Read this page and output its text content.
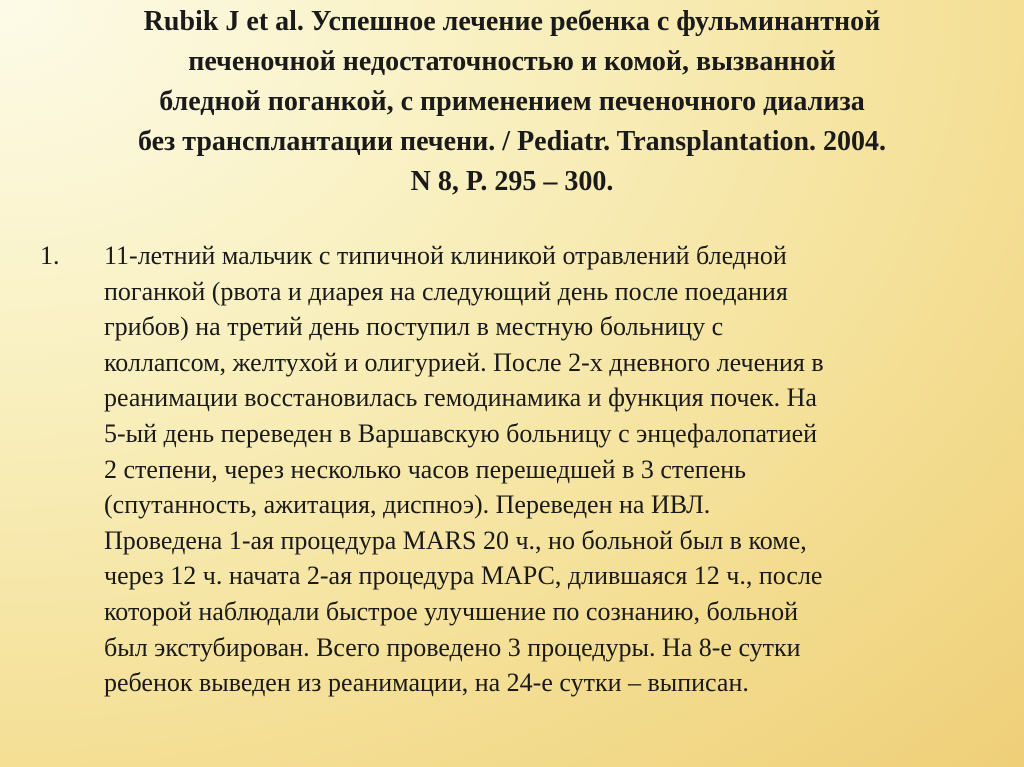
Rubik J et al. Успешное лечение ребенка с фульминантной
печеночной недостаточностью и комой, вызванной
бледной поганкой, с применением печеночного диализа
без трансплантации печени. / Pediatr. Transplantation. 2004.
N 8, P. 295 – 300.
1. 11-летний мальчик с типичной клиникой отравлений бледной
поганкой (рвота и диарея на следующий день после поедания
грибов) на третий день поступил в местную больницу с
коллапсом, желтухой и олигурией. После 2-х дневного лечения в
реанимации восстановилась гемодинамика и функция почек. На
5-ый день переведен в Варшавскую больницу с энцефалопатией
2 степени, через несколько часов перешедшей в 3 степень
(спутанность, ажитация, диспноэ). Переведен на ИВЛ.
Проведена 1-ая процедура MARS 20 ч., но больной был в коме,
через 12 ч. начата 2-ая процедура МАРС, длившаяся 12 ч., после
которой наблюдали быстрое улучшение по сознанию, больной
был экстубирован. Всего проведено 3 процедуры. На 8-е сутки
ребенок выведен из реанимации, на 24-е сутки – выписан.
